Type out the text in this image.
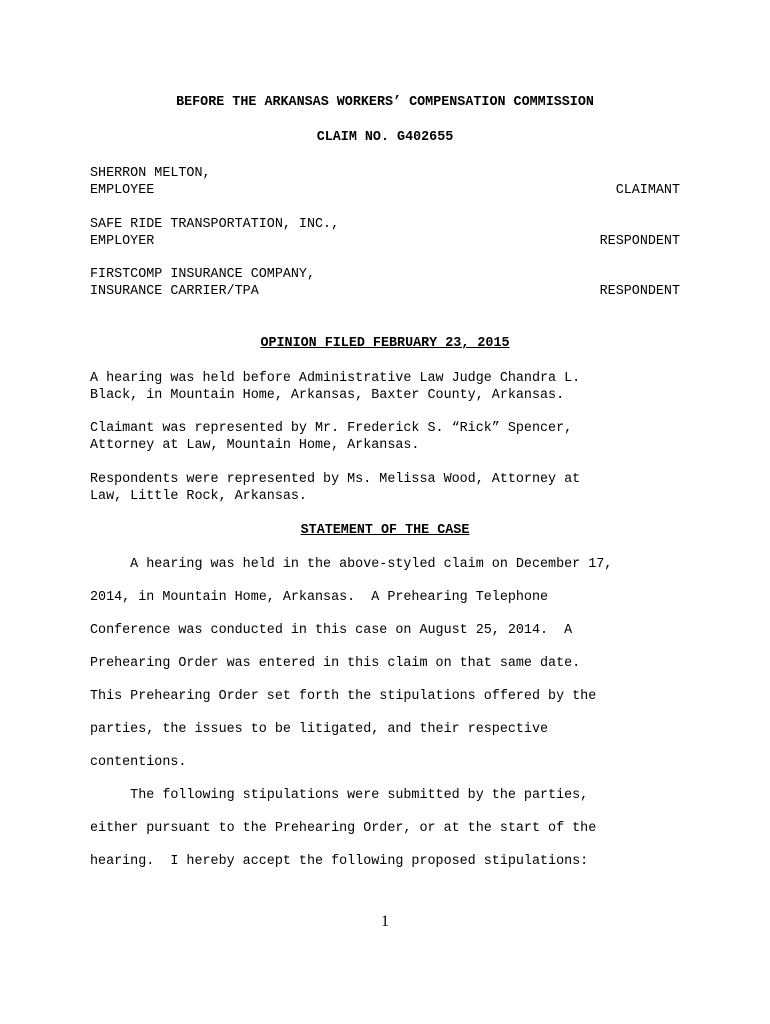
BEFORE THE ARKANSAS WORKERS’ COMPENSATION COMMISSION
CLAIM NO. G402655
SHERRON MELTON,
EMPLOYEE	CLAIMANT
SAFE RIDE TRANSPORTATION, INC.,
EMPLOYER	RESPONDENT
FIRSTCOMP INSURANCE COMPANY,
INSURANCE CARRIER/TPA	RESPONDENT
OPINION FILED FEBRUARY 23, 2015
A hearing was held before Administrative Law Judge Chandra L.
Black, in Mountain Home, Arkansas, Baxter County, Arkansas.
Claimant was represented by Mr. Frederick S. “Rick” Spencer,
Attorney at Law, Mountain Home, Arkansas.
Respondents were represented by Ms. Melissa Wood, Attorney at
Law, Little Rock, Arkansas.
STATEMENT OF THE CASE
A hearing was held in the above-styled claim on December 17,
2014, in Mountain Home, Arkansas.  A Prehearing Telephone
Conference was conducted in this case on August 25, 2014.  A
Prehearing Order was entered in this claim on that same date.
This Prehearing Order set forth the stipulations offered by the
parties, the issues to be litigated, and their respective
contentions.
The following stipulations were submitted by the parties,
either pursuant to the Prehearing Order, or at the start of the
hearing.  I hereby accept the following proposed stipulations:
1
